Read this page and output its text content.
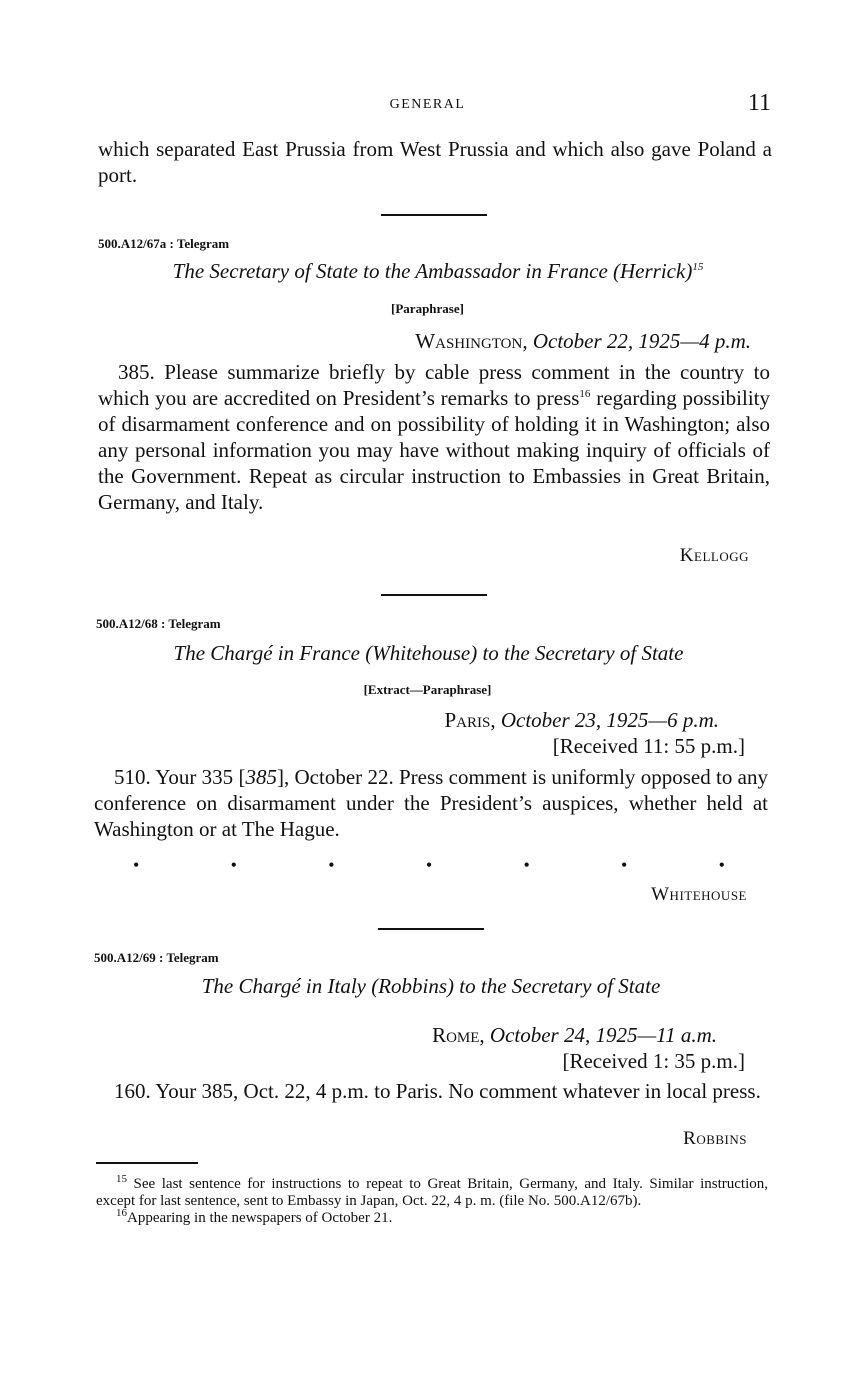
GENERAL	11
which separated East Prussia from West Prussia and which also gave Poland a port.
500.A12/67a : Telegram
The Secretary of State to the Ambassador in France (Herrick)$^{15}$
[Paraphrase]
Washington, October 22, 1925—4 p.m.
385. Please summarize briefly by cable press comment in the country to which you are accredited on President’s remarks to press$^{16}$ regarding possibility of disarmament conference and on possibility of holding it in Washington; also any personal information you may have without making inquiry of officials of the Government. Repeat as circular instruction to Embassies in Great Britain, Germany, and Italy.
Kellogg
500.A12/68 : Telegram
The Chargé in France (Whitehouse) to the Secretary of State
[Extract—Paraphrase]
Paris, October 23, 1925—6 p.m.
[Received 11: 55 p.m.]
510. Your 335 [385], October 22. Press comment is uniformly opposed to any conference on disarmament under the President’s auspices, whether held at Washington or at The Hague.
•	•	•	•	•	•	•
Whitehouse
500.A12/69 : Telegram
The Chargé in Italy (Robbins) to the Secretary of State
Rome, October 24, 1925—11 a.m.
[Received 1: 35 p.m.]
160. Your 385, Oct. 22, 4 p.m. to Paris. No comment whatever in local press.
Robbins
$^{15}$ See last sentence for instructions to repeat to Great Britain, Germany, and Italy. Similar instruction, except for last sentence, sent to Embassy in Japan, Oct. 22, 4 p. m. (file No. 500.A12/67b).
$^{16}$Appearing in the newspapers of October 21.
